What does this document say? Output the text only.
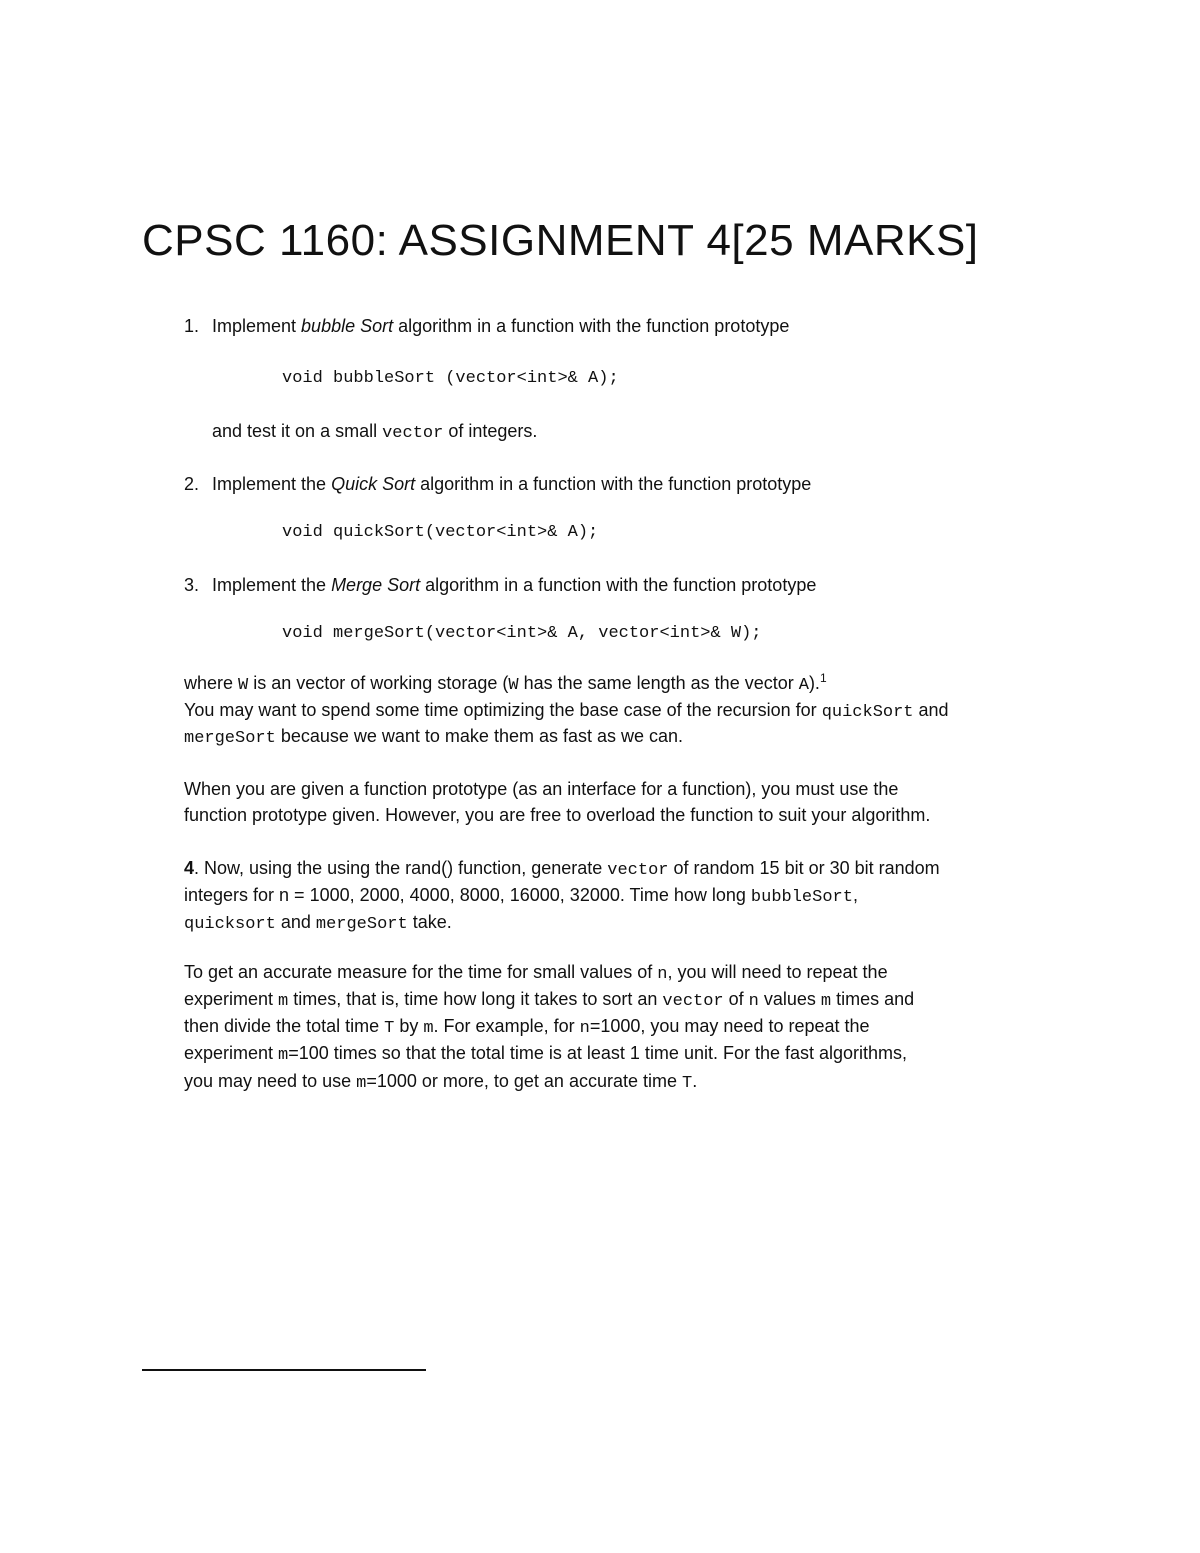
CPSC 1160: ASSIGNMENT 4[25 MARKS]
1. Implement bubble Sort algorithm in a function with the function prototype
void bubbleSort (vector<int>& A);
and test it on a small vector of integers.
2. Implement the Quick Sort algorithm in a function with the function prototype
void quickSort(vector<int>& A);
3. Implement the Merge Sort algorithm in a function with the function prototype
void mergeSort(vector<int>& A, vector<int>& W);
where W is an vector of working storage (W has the same length as the vector A).$^1$
You may want to spend some time optimizing the base case of the recursion for quickSort and
mergeSort because we want to make them as fast as we can.
When you are given a function prototype (as an interface for a function), you must use the
function prototype given. However, you are free to overload the function to suit your algorithm.
4. Now, using the using the rand() function, generate vector of random 15 bit or 30 bit random
integers for n = 1000, 2000, 4000, 8000, 16000, 32000. Time how long bubbleSort,
quicksort and mergeSort take.
To get an accurate measure for the time for small values of n, you will need to repeat the
experiment m times, that is, time how long it takes to sort an vector of n values m times and
then divide the total time T by m. For example, for n=1000, you may need to repeat the
experiment m=100 times so that the total time is at least 1 time unit. For the fast algorithms,
you may need to use m=1000 or more, to get an accurate time T.
